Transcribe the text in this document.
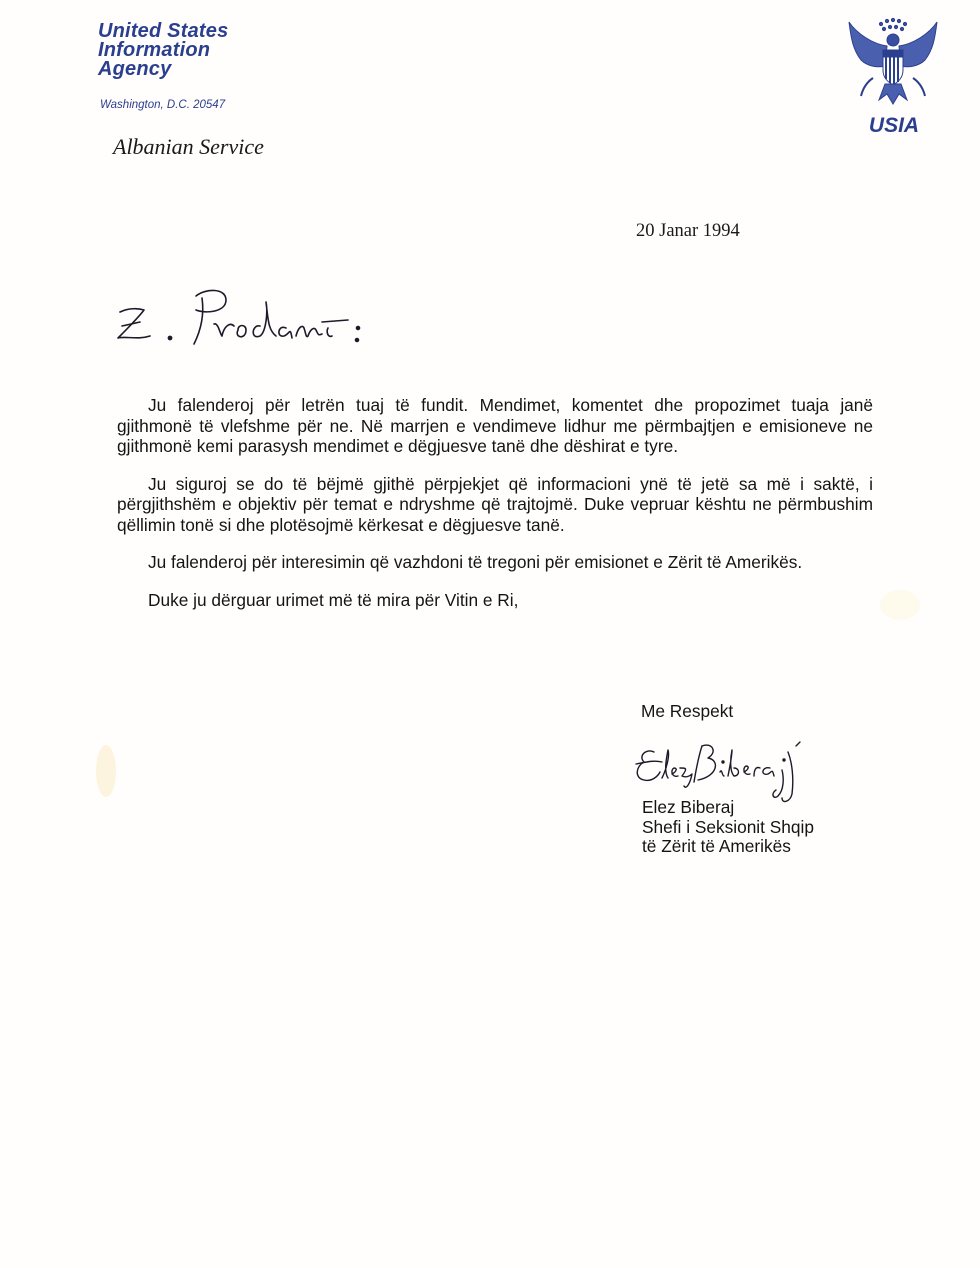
United States
Information
Agency
Washington, D.C. 20547
USIA
Albanian Service
20 Janar 1994

Ju falenderoj për letrën tuaj të fundit. Mendimet, komentet dhe propozimet tuaja janë gjithmonë të vlefshme për ne. Në marrjen e vendimeve lidhur me përmbajtjen e emisioneve ne gjithmonë kemi parasysh mendimet e dëgjuesve tanë dhe dëshirat e tyre.

Ju siguroj se do të bëjmë gjithë përpjekjet që informacioni ynë të jetë sa më i saktë, i përgjithshëm e objektiv për temat e ndryshme që trajtojmë. Duke vepruar kështu ne përmbushim qëllimin tonë si dhe plotësojmë kërkesat e dëgjuesve tanë.

Ju falenderoj për interesimin që vazhdoni të tregoni për emisionet e Zërit të Amerikës.

Duke ju dërguar urimet më të mira për Vitin e Ri,

Me Respekt
Elez Biberaj
Shefi i Seksionit Shqip
të Zërit të Amerikës
